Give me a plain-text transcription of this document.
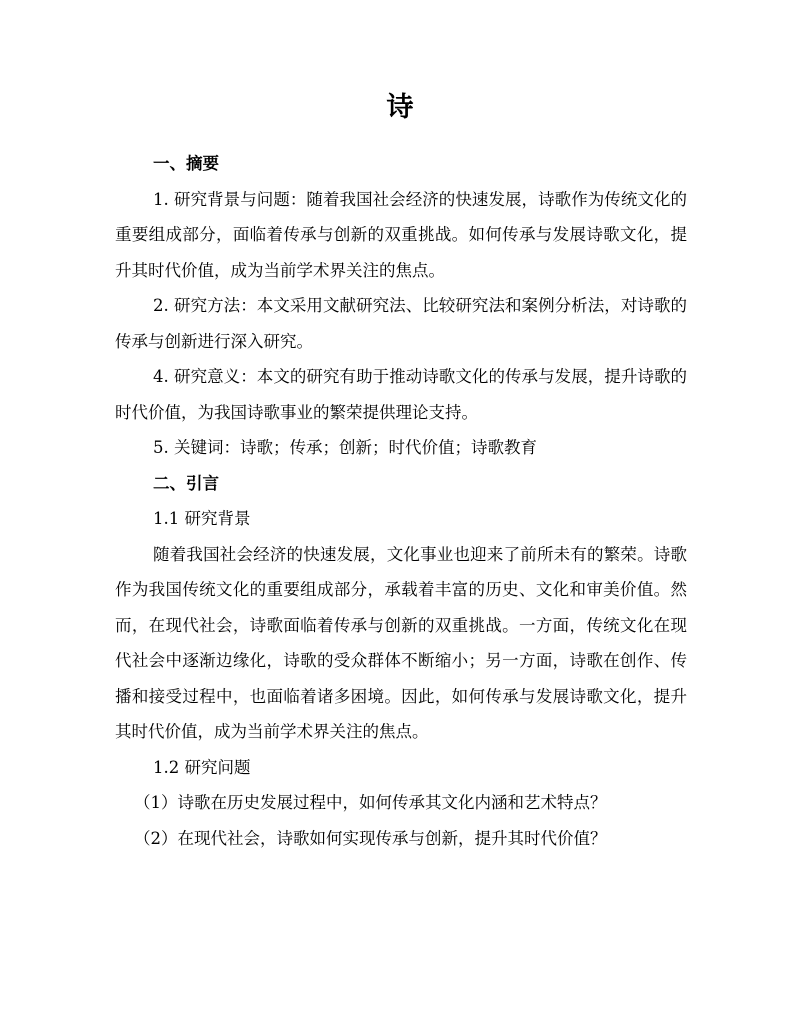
诗

一、摘要

1. 研究背景与问题：随着我国社会经济的快速发展，诗歌作为传统文化的重要组成部分，面临着传承与创新的双重挑战。如何传承与发展诗歌文化，提升其时代价值，成为当前学术界关注的焦点。

2. 研究方法：本文采用文献研究法、比较研究法和案例分析法，对诗歌的传承与创新进行深入研究。

4. 研究意义：本文的研究有助于推动诗歌文化的传承与发展，提升诗歌的时代价值，为我国诗歌事业的繁荣提供理论支持。

5. 关键词：诗歌；传承；创新；时代价值；诗歌教育

二、引言

1.1 研究背景

随着我国社会经济的快速发展，文化事业也迎来了前所未有的繁荣。诗歌作为我国传统文化的重要组成部分，承载着丰富的历史、文化和审美价值。然而，在现代社会，诗歌面临着传承与创新的双重挑战。一方面，传统文化在现代社会中逐渐边缘化，诗歌的受众群体不断缩小；另一方面，诗歌在创作、传播和接受过程中，也面临着诸多困境。因此，如何传承与发展诗歌文化，提升其时代价值，成为当前学术界关注的焦点。

1.2 研究问题

（1）诗歌在历史发展过程中，如何传承其文化内涵和艺术特点？

（2）在现代社会，诗歌如何实现传承与创新，提升其时代价值？
